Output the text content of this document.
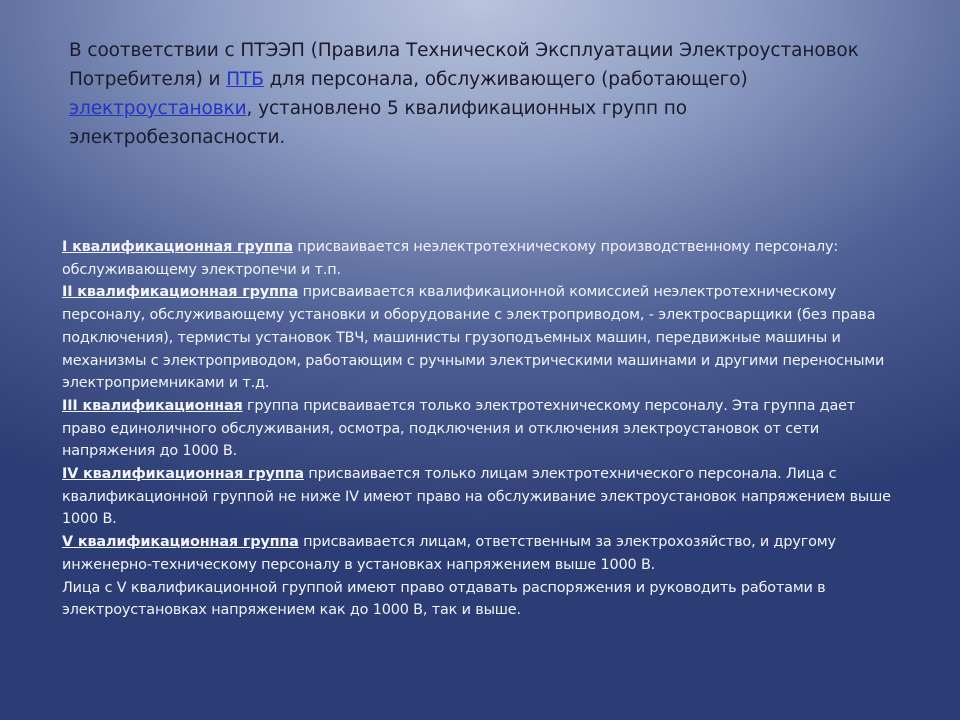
В соответствии с ПТЭЭП (Правила Технической Эксплуатации Электроустановок Потребителя) и ПТБ для персонала, обслуживающего (работающего) электроустановки, установлено 5 квалификационных групп по электробезопасности.

I квалификационная группа присваивается неэлектротехническому производственному персоналу: обслуживающему электропечи и т.п.

II квалификационная группа присваивается квалификационной комиссией неэлектротехническому персоналу, обслуживающему установки и оборудование с электроприводом, - электросварщики (без права подключения), термисты установок ТВЧ, машинисты грузоподъемных машин, передвижные машины и механизмы с электроприводом, работающим с ручными электрическими машинами и другими переносными электроприемниками и т.д.

III квалификационная группа присваивается только электротехническому персоналу. Эта группа дает право единоличного обслуживания, осмотра, подключения и отключения электроустановок от сети напряжения до 1000 В.

IV квалификационная группа присваивается только лицам электротехнического персонала. Лица с квалификационной группой не ниже IV имеют право на обслуживание электроустановок напряжением выше 1000 В.

V квалификационная группа присваивается лицам, ответственным за электрохозяйство, и другому инженерно-техническому персоналу в установках напряжением выше 1000 В.

Лица с V квалификационной группой имеют право отдавать распоряжения и руководить работами в электроустановках напряжением как до 1000 В, так и выше.
